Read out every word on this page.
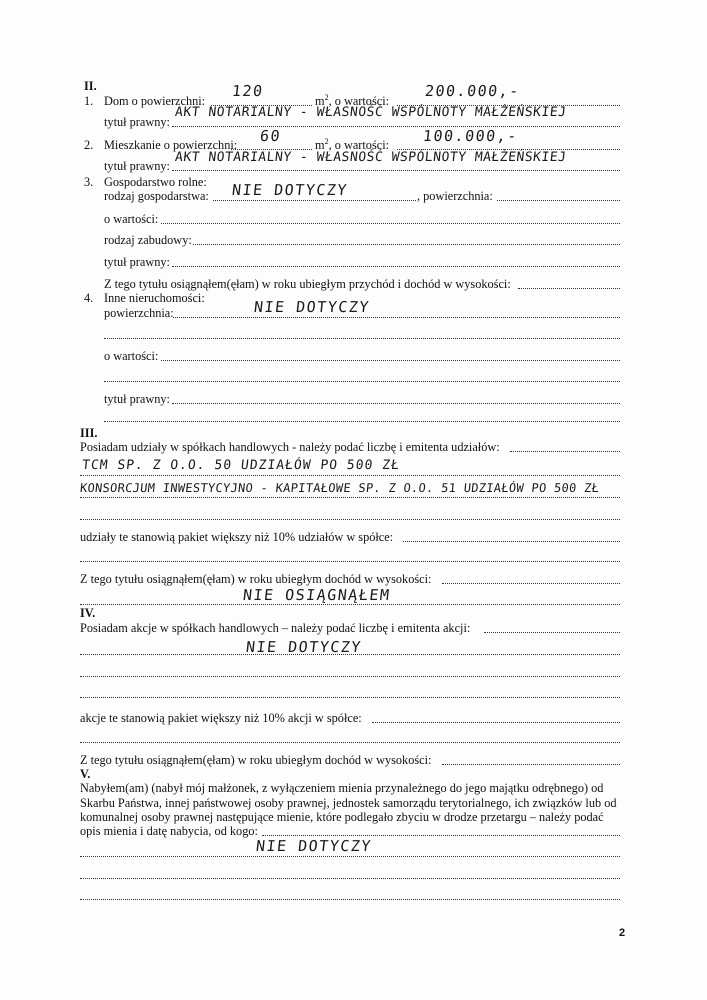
II.
1. Dom o powierzchni:
120
$m^2$, o wartości:
200.000,-
tytuł prawny:
AKT NOTARIALNY - WŁASNOŚĆ WSPÓLNOTY MAŁŻEŃSKIEJ
2. Mieszkanie o powierzchni: 60	$m^2$, o wartości: 100.000,-
tytuł prawny:
AKT NOTARIALNY - WŁASNOŚĆ WSPÓLNOTY MAŁŻEŃSKIEJ
3. Gospodarstwo rolne:
rodzaj gospodarstwa: NIE DOTYCZY	, powierzchnia:
o wartości:
rodzaj zabudowy:
tytuł prawny:
Z tego tytułu osiągnąłem(ęłam) w roku ubiegłym przychód i dochód w wysokości:
4. Inne nieruchomości:
powierzchnia:	NIE DOTYCZY
o wartości:
tytuł prawny:
III.
Posiadam udziały w spółkach handlowych - należy podać liczbę i emitenta udziałów:
TCM SP. Z O.O. 50 UDZIAŁÓW PO 500 ZŁ
KONSORCJUM INWESTYCYJNO - KAPITAŁOWE SP. Z O.O. 51 UDZIAŁÓW PO 500 ZŁ
udziały te stanowią pakiet większy niż 10% udziałów w spółce:
Z tego tytułu osiągnąłem(ęłam) w roku ubiegłym dochód w wysokości:
NIE OSIĄGNĄŁEM
IV.
Posiadam akcje w spółkach handlowych – należy podać liczbę i emitenta akcji:
NIE DOTYCZY
akcje te stanowią pakiet większy niż 10% akcji w spółce:
Z tego tytułu osiągnąłem(ęłam) w roku ubiegłym dochód w wysokości:
V.
Nabyłem(am) (nabył mój małżonek, z wyłączeniem mienia przynależnego do jego majątku odrębnego) od
Skarbu Państwa, innej państwowej osoby prawnej, jednostek samorządu terytorialnego, ich związków lub od
komunalnej osoby prawnej następujące mienie, które podlegało zbyciu w drodze przetargu – należy podać
opis mienia i datę nabycia, od kogo:
NIE DOTYCZY
2
